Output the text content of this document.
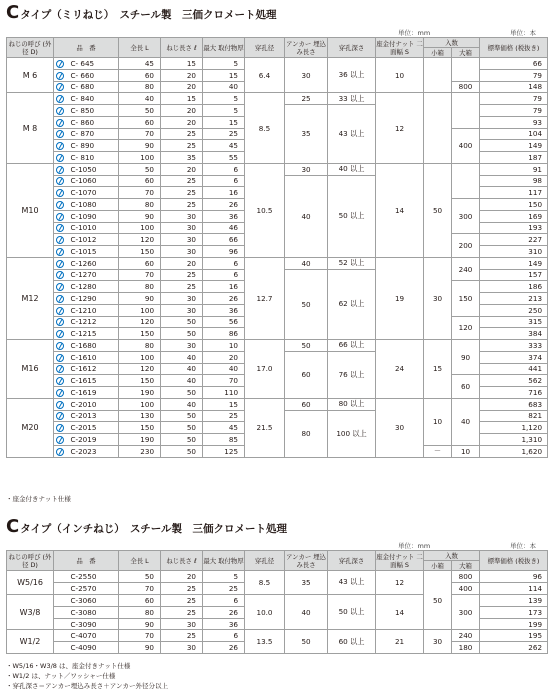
C タイプ（ミリねじ）　スチール製　三価クロメート処理
単位：mm	単位：本
ねじの呼び (外径 D)	品　番		全長 L	ねじ長さ ℓ	最大 取付物厚	穿孔径	アンカー 埋込み長さ	穿孔深さ	座金付ナット 二面幅 S	入数		標準価格 (税抜き)
										小箱	大箱	
M 6		C- 645	45	15	5	6.4	30	36 以上	10			66
		C- 660	60	20	15							79
		C- 680	80	20	40						800	148
M 8		C- 840	40	15	5	8.5	25	33 以上	12			79
		C- 850	50	20	5		35	43 以上				79
		C- 860	60	20	15							93
		C- 870	70	25	25						400	104
		C- 890	90	25	45							149
		C- 810	100	35	55							187
M10		C-1050	50	20	6	10.5	30	40 以上	14	50		91
		C-1060	60	25	6		40	50 以上				98
		C-1070	70	25	16							117
		C-1080	80	25	26						300	150
		C-1090	90	30	36							169
		C-1010	100	30	46							193
		C-1012	120	30	66						200	227
		C-1015	150	30	96							310
M12		C-1260	60	20	6	12.7	40	52 以上	19	30	240	149
		C-1270	70	25	6		50	62 以上				157
		C-1280	80	25	16						150	186
		C-1290	90	30	26							213
		C-1210	100	30	36							250
		C-1212	120	50	56						120	315
		C-1215	150	50	86							384
M16		C-1680	80	30	10	17.0	50	66 以上	24	15	90	333
		C-1610	100	40	20		60	76 以上				374
		C-1612	120	40	40							441
		C-1615	150	40	70						60	562
		C-1619	190	50	110							716
M20		C-2010	100	40	15	21.5	60	80 以上	30	10	40	683
		C-2013	130	50	25		80	100 以上				821
		C-2015	150	50	45							1,120
		C-2019	190	50	85							1,310
		C-2023	230	50	125					－	10	1,620
・座金付きナット仕様
C タイプ（インチねじ）　スチール製　三価クロメート処理
単位：mm	単位：本
ねじの呼び (外径 D)	品　番		全長 L	ねじ長さ ℓ	最大 取付物厚	穿孔径	アンカー 埋込み長さ	穿孔深さ	座金付ナット 二面幅 S	入数		標準価格 (税抜き)
										小箱	大箱	
W5/16		C-2550	50	20	5	8.5	35	43 以上	12	50	800	96
		C-2570	70	25	25						400	114
W3/8		C-3060	60	25	6	10.0	40	50 以上	14		300	139
		C-3080	80	25	26							173
		C-3090	90	30	36							199
W1/2		C-4070	70	25	6	13.5	50	60 以上	21	30	240	195
		C-4090	90	30	26						180	262
・W5/16・W3/8 は、座金付きナット仕様
・W1/2 は、ナット／ワッシャー仕様
・穿孔深さ＝アンカー埋込み長さ＋アンカー外径分以上
